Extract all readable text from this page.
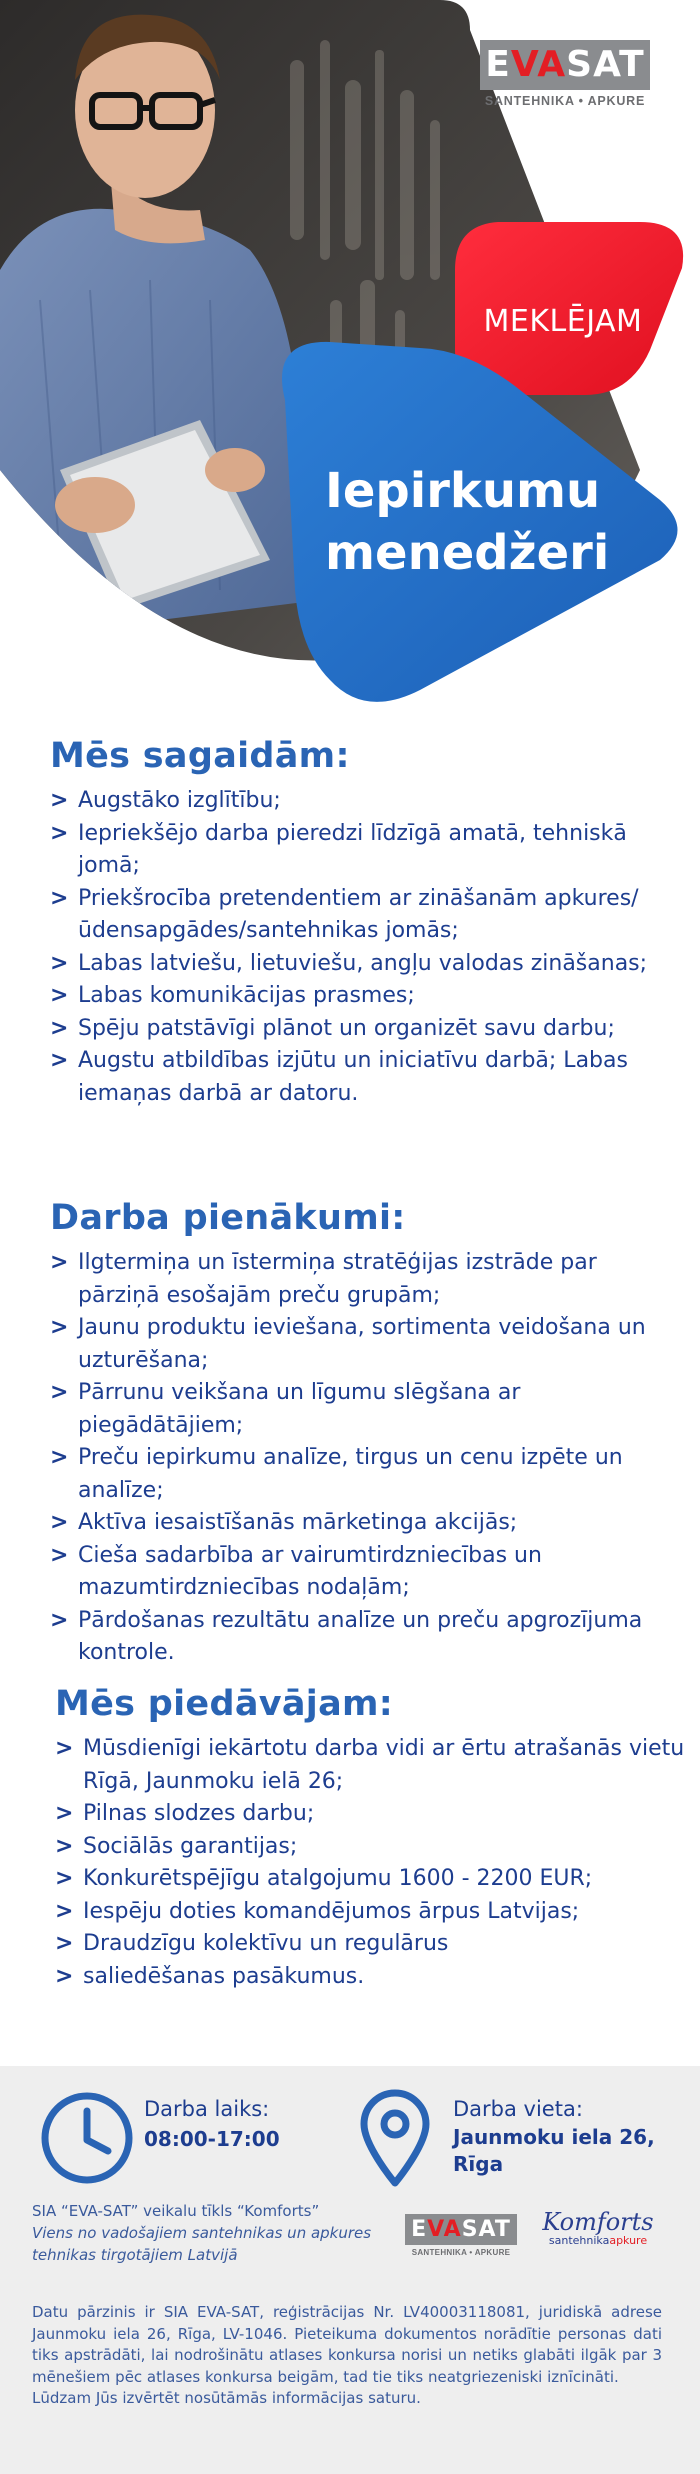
EVASAT
SANTEHNIKA • APKURE
MEKLĒJAM
Iepirkumu
menedžeri
Mēs sagaidām:
> Augstāko izglītību;
> Iepriekšējo darba pieredzi līdzīgā amatā, tehniskā jomā;
> Priekšrocība pretendentiem ar zināšanām apkures/ūdensapgādes/santehnikas jomās;
> Labas latviešu, lietuviešu, angļu valodas zināšanas;
> Labas komunikācijas prasmes;
> Spēju patstāvīgi plānot un organizēt savu darbu;
> Augstu atbildības izjūtu un iniciatīvu darbā; Labas iemaņas darbā ar datoru.
Darba pienākumi:
> Ilgtermiņa un īstermiņa stratēģijas izstrāde par pārziņā esošajām preču grupām;
> Jaunu produktu ieviešana, sortimenta veidošana un uzturēšana;
> Pārrunu veikšana un līgumu slēgšana ar piegādātājiem;
> Preču iepirkumu analīze, tirgus un cenu izpēte un analīze;
> Aktīva iesaistīšanās mārketinga akcijās;
> Cieša sadarbība ar vairumtirdzniecības un mazumtirdzniecības nodaļām;
> Pārdošanas rezultātu analīze un preču apgrozījuma kontrole.
Mēs piedāvājam:
> Mūsdienīgi iekārtotu darba vidi ar ērtu atrašanās vietu Rīgā, Jaunmoku ielā 26;
> Pilnas slodzes darbu;
> Sociālās garantijas;
> Konkurētspējīgu atalgojumu 1600 - 2200 EUR;
> Iespēju doties komandējumos ārpus Latvijas;
> Draudzīgu kolektīvu un regulārus
> saliedēšanas pasākumus.
Darba laiks:
08:00-17:00
Darba vieta:
Jaunmoku iela 26,
Rīga
SIA “EVA-SAT” veikalu tīkls “Komforts”
Viens no vadošajiem santehnikas un apkures tehnikas tirgotājiem Latvijā
EVASAT
SANTEHNIKA • APKURE
Komforts
santehnikaapkure

Datu pārzinis ir SIA EVA-SAT, reģistrācijas Nr. LV40003118081, juridiskā adrese Jaunmoku iela 26, Rīga, LV-1046. Pieteikuma dokumentos norādītie personas dati tiks apstrādāti, lai nodrošinātu atlases konkursa norisi un netiks glabāti ilgāk par 3 mēnešiem pēc atlases konkursa beigām, tad tie tiks neatgriezeniski iznīcināti.

Lūdzam Jūs izvērtēt nosūtāmās informācijas saturu.
